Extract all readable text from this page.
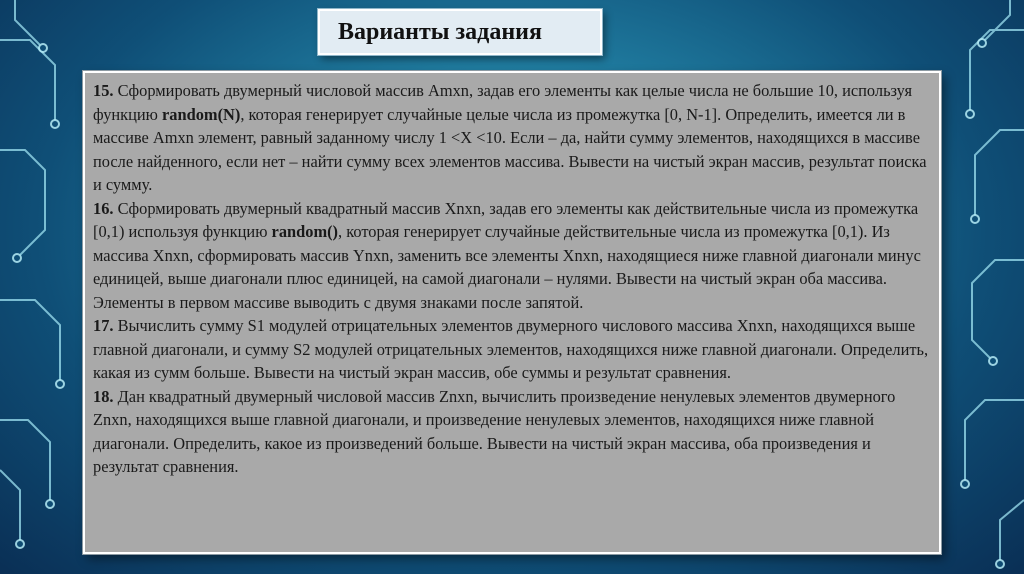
Варианты задания

15. Сформировать двумерный числовой массив Amxn, задав его элементы как целые числа не большие 10, используя функцию random(N), которая генерирует случайные целые числа из промежутка [0, N-1]. Определить, имеется ли в массиве Amxn элемент, равный заданному числу 1 <X <10. Если – да, найти сумму элементов, находящихся в массиве после найденного, если нет – найти сумму всех элементов массива. Вывести на чистый экран массив, результат поиска и сумму.

16. Сформировать двумерный квадратный массив Xnxn, задав его элементы как действительные числа из промежутка [0,1) используя функцию random(), которая генерирует случайные действительные числа из промежутка [0,1). Из массива Xnxn, сформировать массив Ynxn, заменить все элементы Xnxn, находящиеся ниже главной диагонали минус единицей, выше диагонали плюс единицей, на самой диагонали – нулями. Вывести на чистый экран оба массива. Элементы в первом массиве выводить с двумя знаками после запятой.

17. Вычислить сумму S1 модулей отрицательных элементов двумерного числового массива Xnxn, находящихся выше главной диагонали, и сумму S2 модулей отрицательных элементов, находящихся ниже главной диагонали. Определить, какая из сумм больше. Вывести на чистый экран массив, обе суммы и результат сравнения.

18. Дан квадратный двумерный числовой массив Znxn, вычислить произведение ненулевых элементов двумерного Znxn, находящихся выше главной диагонали, и произведение ненулевых элементов, находящихся ниже главной диагонали. Определить, какое из произведений больше. Вывести на чистый экран массива, оба произведения и результат сравнения.
